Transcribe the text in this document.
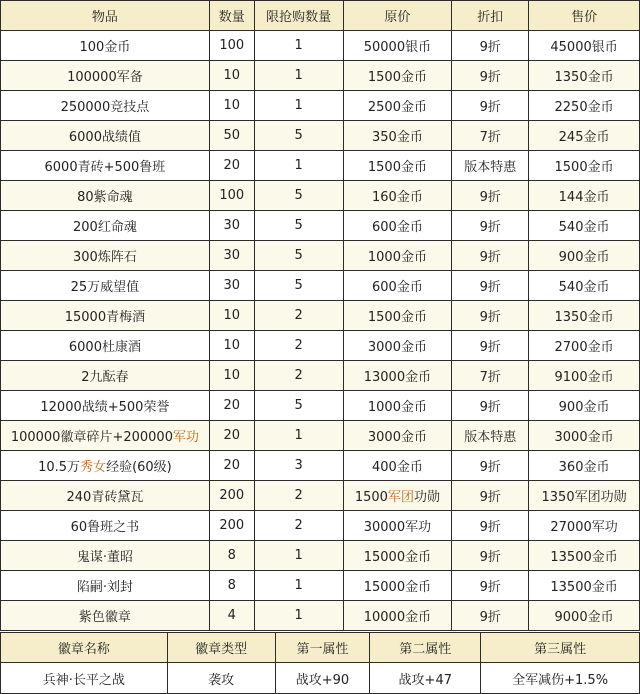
物品	数量	限抢购数量	原价	折扣	售价
100金币	100	1	50000银币	9折	45000银币
100000军备	10	1	1500金币	9折	1350金币
250000竞技点	10	1	2500金币	9折	2250金币
6000战绩值	50	5	350金币	7折	245金币
6000青砖+500鲁班	20	1	1500金币	版本特惠	1500金币
80紫命魂	100	5	160金币	9折	144金币
200红命魂	30	5	600金币	9折	540金币
300炼阵石	30	5	1000金币	9折	900金币
25万威望值	30	5	600金币	9折	540金币
15000青梅酒	10	2	1500金币	9折	1350金币
6000杜康酒	10	2	3000金币	9折	2700金币
2九酝春	10	2	13000金币	7折	9100金币
12000战绩+500荣誉	20	5	1000金币	9折	900金币
100000徽章碎片+200000军功	20	1	3000金币	版本特惠	3000金币
10.5万秀女经验(60级)	20	3	400金币	9折	360金币
240青砖黛瓦	200	2	1500军团功勋	9折	1350军团功勋
60鲁班之书	200	2	30000军功	9折	27000军功
鬼谋·董昭	8	1	15000金币	9折	13500金币
陷嗣·刘封	8	1	15000金币	9折	13500金币
紫色徽章	4	1	10000金币	9折	9000金币
徽章名称	徽章类型	第一属性	第二属性	第三属性
兵神·长平之战	袭攻	战攻+90	战攻+47	全军减伤+1.5%
